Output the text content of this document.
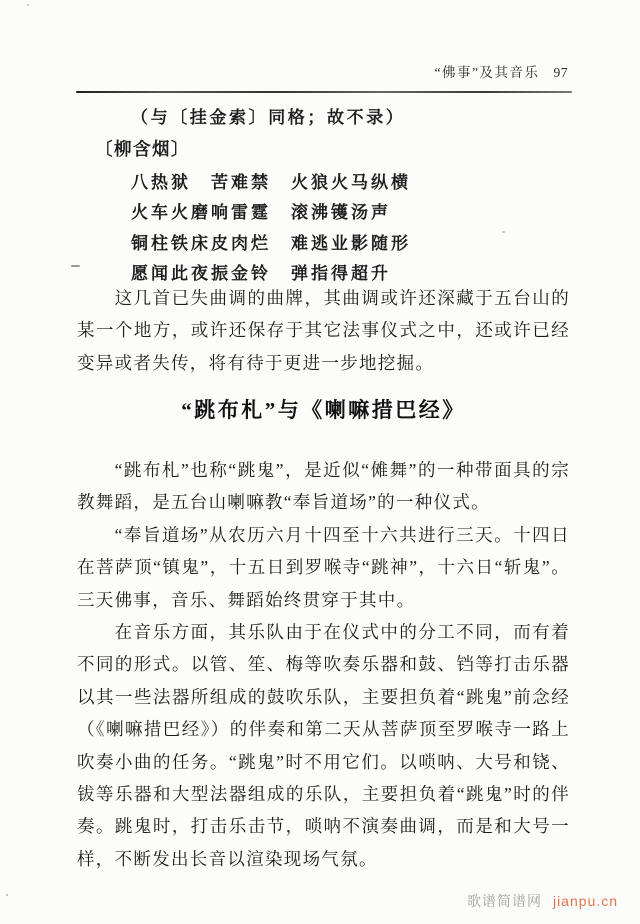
“佛事”及其音乐 97
（与〔挂金索〕同格；故不录）
〔柳含烟〕
八热狱　苦难禁　火狼火马纵横
火车火磨响雷霆　滚沸镬汤声
铜柱铁床皮肉烂　难逃业影随形
愿闻此夜振金铃　弹指得超升
这几首已失曲调的曲牌，其曲调或许还深藏于五台山的某一个地方，或许还保存于其它法事仪式之中，还或许已经变异或者失传，将有待于更进一步地挖掘。
“跳布札”与《喇嘛措巴经》
“跳布札”也称“跳鬼”，是近似“傩舞”的一种带面具的宗教舞蹈，是五台山喇嘛教“奉旨道场”的一种仪式。
“奉旨道场”从农历六月十四至十六共进行三天。十四日在菩萨顶“镇鬼”，十五日到罗喉寺“跳神”，十六日“斩鬼”。三天佛事，音乐、舞蹈始终贯穿于其中。
在音乐方面，其乐队由于在仪式中的分工不同，而有着不同的形式。以管、笙、梅等吹奏乐器和鼓、铛等打击乐器以其一些法器所组成的鼓吹乐队，主要担负着“跳鬼”前念经（《喇嘛措巴经》）的伴奏和第二天从菩萨顶至罗喉寺一路上吹奏小曲的任务。“跳鬼”时不用它们。以唢呐、大号和铙、钹等乐器和大型法器组成的乐队，主要担负着“跳鬼”时的伴奏。跳鬼时，打击乐击节，唢呐不演奏曲调，而是和大号一样，不断发出长音以渲染现场气氛。
歌谱简谱网 jianpu.cn
